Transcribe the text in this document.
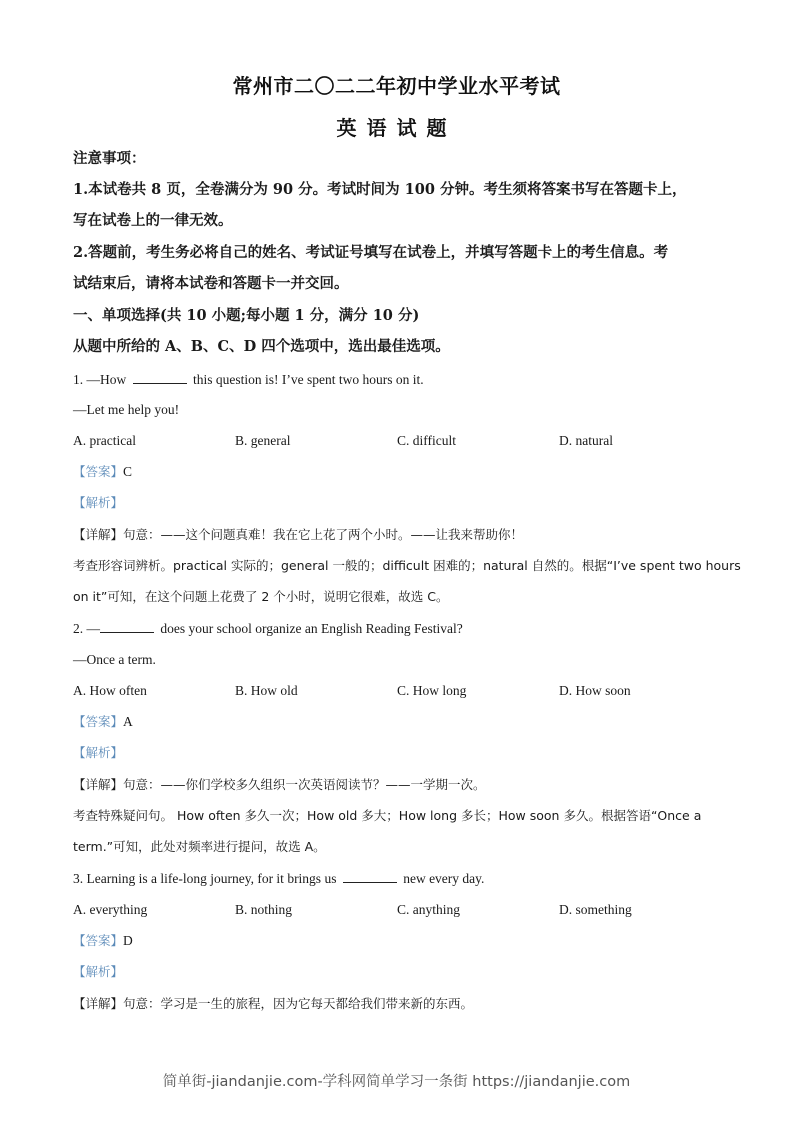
常州市二〇二二年初中学业水平考试
英语试题
注意事项：
1.本试卷共 8 页，全卷满分为 90 分。考试时间为 100 分钟。考生须将答案书写在答题卡上，
写在试卷上的一律无效。
2.答题前，考生务必将自己的姓名、考试证号填写在试卷上，并填写答题卡上的考生信息。考
试结束后，请将本试卷和答题卡一并交回。
一、单项选择(共 10 小题;每小题 1 分，满分 10 分)
从题中所给的 A、B、C、D 四个选项中，选出最佳选项。
1. —How	this question is! I’ve spent two hours on it.
—Let me help you!
A. practical	B. general	C. difficult	D. natural
【答案】C
【解析】
【详解】句意：——这个问题真难！我在它上花了两个小时。——让我来帮助你！
考查形容词辨析。practical 实际的；general 一般的；difficult 困难的；natural 自然的。根据“I’ve spent two hours
on it”可知，在这个问题上花费了 2 个小时，说明它很难，故选 C。
2. —	does your school organize an English Reading Festival?
—Once a term.
A. How often	B. How old	C. How long	D. How soon
【答案】A
【解析】
【详解】句意：——你们学校多久组织一次英语阅读节？——一学期一次。
考查特殊疑问句。 How often 多久一次；How old 多大；How long 多长；How soon 多久。根据答语“Once a
term.”可知，此处对频率进行提问，故选 A。
3. Learning is a life-long journey, for it brings us	new every day.
A. everything	B. nothing	C. anything	D. something
【答案】D
【解析】
【详解】句意：学习是一生的旅程，因为它每天都给我们带来新的东西。
简单街-jiandanjie.com-学科网简单学习一条街 https://jiandanjie.com
